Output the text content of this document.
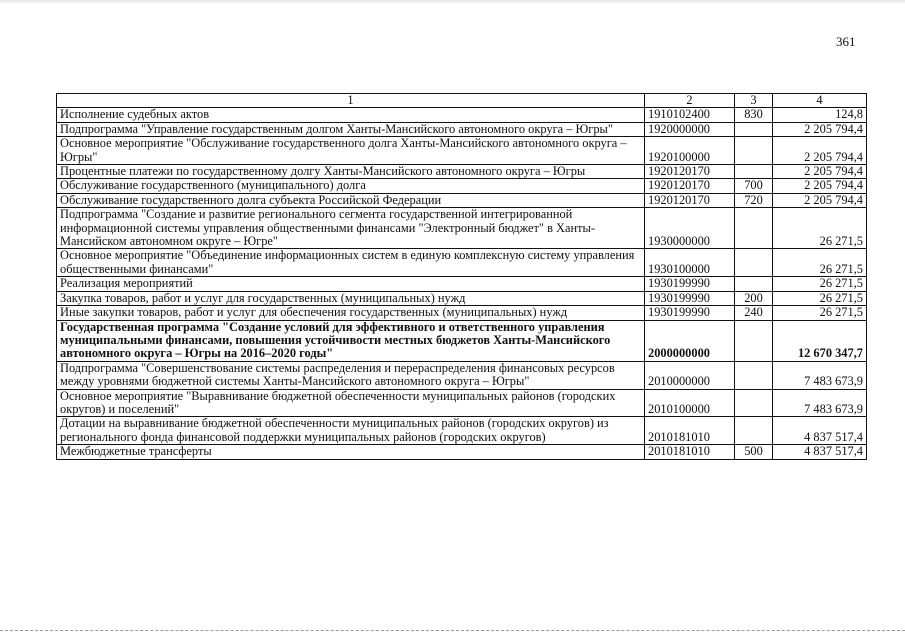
361
1	2	3	4
Исполнение судебных актов	1910102400	830	124,8
Подпрограмма "Управление государственным долгом Ханты-Мансийского автономного округа – Югры"	1920000000		2 205 794,4
Основное мероприятие "Обслуживание государственного долга Ханты-Мансийского автономного округа – Югры"	1920100000		2 205 794,4
Процентные платежи по государственному долгу Ханты-Мансийского автономного округа – Югры	1920120170		2 205 794,4
Обслуживание государственного (муниципального) долга	1920120170	700	2 205 794,4
Обслуживание государственного долга субъекта Российской Федерации	1920120170	720	2 205 794,4
Подпрограмма "Создание и развитие регионального сегмента государственной интегрированной информационной системы управления общественными финансами "Электронный бюджет" в Ханты-Мансийском автономном округе – Югре"	1930000000		26 271,5
Основное мероприятие "Объединение информационных систем в единую комплексную систему управления общественными финансами"	1930100000		26 271,5
Реализация мероприятий	1930199990		26 271,5
Закупка товаров, работ и услуг для государственных (муниципальных) нужд	1930199990	200	26 271,5
Иные закупки товаров, работ и услуг для обеспечения государственных (муниципальных) нужд	1930199990	240	26 271,5
Государственная программа "Создание условий для эффективного и ответственного управления муниципальными финансами, повышения устойчивости местных бюджетов Ханты-Мансийского автономного округа – Югры на 2016–2020 годы"	2000000000		12 670 347,7
Подпрограмма "Совершенствование системы распределения и перераспределения финансовых ресурсов между уровнями бюджетной системы Ханты-Мансийского автономного округа – Югры"	2010000000		7 483 673,9
Основное мероприятие "Выравнивание бюджетной обеспеченности муниципальных районов (городских округов) и поселений"	2010100000		7 483 673,9
Дотации на выравнивание бюджетной обеспеченности муниципальных районов (городских округов) из регионального фонда финансовой поддержки муниципальных районов (городских округов)	2010181010		4 837 517,4
Межбюджетные трансферты	2010181010	500	4 837 517,4
